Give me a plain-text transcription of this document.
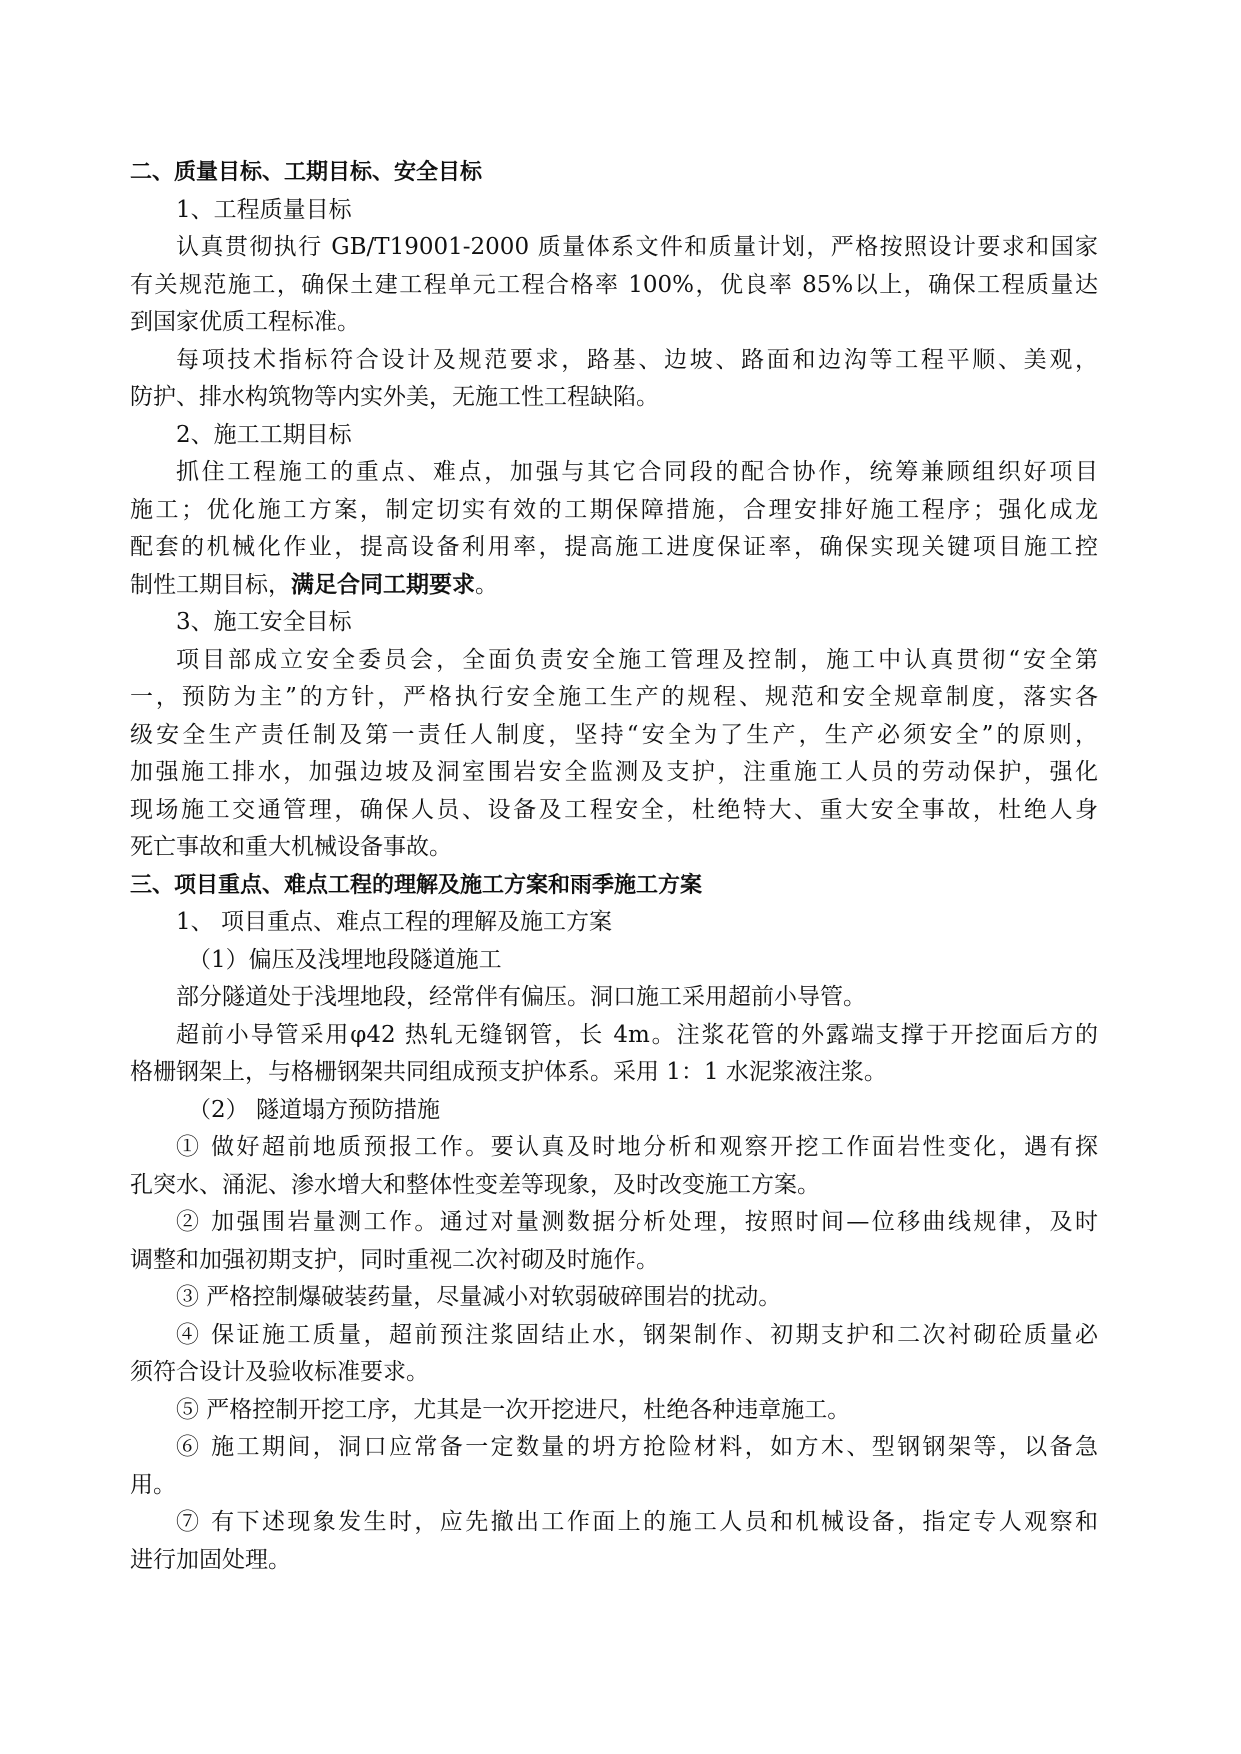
二、质量目标、工期目标、安全目标

1、工程质量目标

认真贯彻执行 GB/T19001-2000 质量体系文件和质量计划，严格按照设计要求和国家

有关规范施工，确保土建工程单元工程合格率 100%，优良率 85%以上，确保工程质量达

到国家优质工程标准。

每项技术指标符合设计及规范要求，路基、边坡、路面和边沟等工程平顺、美观，

防护、排水构筑物等内实外美，无施工性工程缺陷。

2、施工工期目标

抓住工程施工的重点、难点，加强与其它合同段的配合协作，统筹兼顾组织好项目

施工；优化施工方案，制定切实有效的工期保障措施，合理安排好施工程序；强化成龙

配套的机械化作业，提高设备利用率，提高施工进度保证率，确保实现关键项目施工控

制性工期目标，满足合同工期要求。

3、施工安全目标

项目部成立安全委员会，全面负责安全施工管理及控制，施工中认真贯彻“安全第

一，预防为主”的方针，严格执行安全施工生产的规程、规范和安全规章制度，落实各

级安全生产责任制及第一责任人制度，坚持“安全为了生产，生产必须安全”的原则，

加强施工排水，加强边坡及洞室围岩安全监测及支护，注重施工人员的劳动保护，强化

现场施工交通管理，确保人员、设备及工程安全，杜绝特大、重大安全事故，杜绝人身

死亡事故和重大机械设备事故。

三、项目重点、难点工程的理解及施工方案和雨季施工方案

1、 项目重点、难点工程的理解及施工方案

（1）偏压及浅埋地段隧道施工

部分隧道处于浅埋地段，经常伴有偏压。洞口施工采用超前小导管。

超前小导管采用φ42 热轧无缝钢管，长 4m。注浆花管的外露端支撑于开挖面后方的

格栅钢架上，与格栅钢架共同组成预支护体系。采用 1：1 水泥浆液注浆。

（2） 隧道塌方预防措施

① 做好超前地质预报工作。要认真及时地分析和观察开挖工作面岩性变化，遇有探

孔突水、涌泥、渗水增大和整体性变差等现象，及时改变施工方案。

② 加强围岩量测工作。通过对量测数据分析处理，按照时间—位移曲线规律，及时

调整和加强初期支护，同时重视二次衬砌及时施作。

③ 严格控制爆破装药量，尽量减小对软弱破碎围岩的扰动。

④ 保证施工质量，超前预注浆固结止水，钢架制作、初期支护和二次衬砌砼质量必

须符合设计及验收标准要求。

⑤ 严格控制开挖工序，尤其是一次开挖进尺，杜绝各种违章施工。

⑥ 施工期间，洞口应常备一定数量的坍方抢险材料，如方木、型钢钢架等，以备急

用。

⑦ 有下述现象发生时，应先撤出工作面上的施工人员和机械设备，指定专人观察和

进行加固处理。
